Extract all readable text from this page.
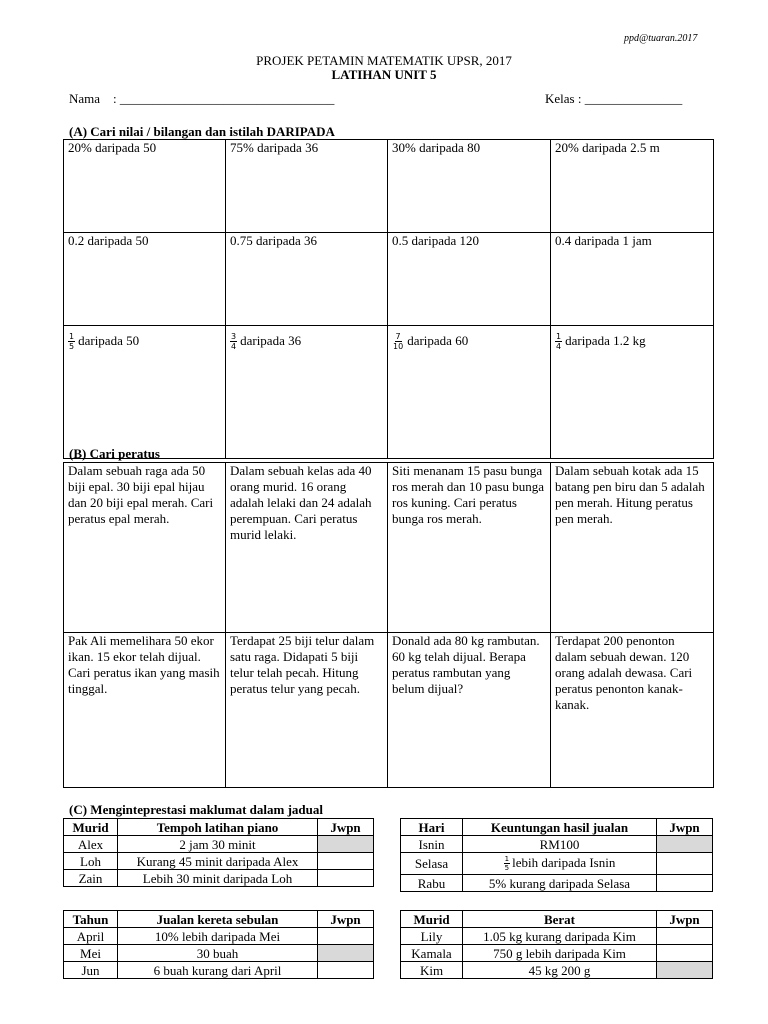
ppd@tuaran.2017
PROJEK PETAMIN MATEMATIK UPSR, 2017
LATIHAN UNIT 5
Nama    : _________________________________	Kelas : _______________
(A) Cari nilai / bilangan dan istilah DARIPADA
20% daripada 50	75% daripada 36	30% daripada 80	20% daripada 2.5 m
0.2 daripada 50	0.75 daripada 36	0.5 daripada 120	0.4 daripada 1 jam

$\frac{1}{5}$ daripada 50	$\frac{3}{4}$ daripada 36	$\frac{7}{10}$ daripada 60	$\frac{1}{4}$ daripada 1.2 kg
(B) Cari peratus
Dalam sebuah raga ada 50 biji epal. 30 biji epal hijau dan 20 biji epal merah. Cari peratus epal merah.	Dalam sebuah kelas ada 40 orang murid. 16 orang adalah lelaki dan 24 adalah perempuan. Cari peratus murid lelaki.	Siti menanam 15 pasu bunga ros merah dan 10 pasu bunga ros kuning. Cari peratus bunga ros merah.	Dalam sebuah kotak ada 15 batang pen biru dan 5 adalah pen merah. Hitung peratus pen merah.
Pak Ali memelihara 50 ekor ikan. 15 ekor telah dijual. Cari peratus ikan yang masih tinggal.	Terdapat 25 biji telur dalam satu raga. Didapati 5 biji telur telah pecah. Hitung peratus telur yang pecah.	Donald ada 80 kg rambutan. 60 kg telah dijual. Berapa peratus rambutan yang belum dijual?	Terdapat 200 penonton dalam sebuah dewan. 120 orang adalah dewasa. Cari peratus penonton kanak-kanak.
(C) Menginteprestasi maklumat dalam jadual
Murid	Tempoh latihan piano	Jwpn
Alex	2 jam 30 minit	
Loh	Kurang 45 minit daripada Alex	
Zain	Lebih 30 minit daripada Loh	
Hari	Keuntungan hasil jualan	Jwpn
Isnin	RM100	
Selasa	$\frac{1}{5}$ lebih daripada Isnin	
Rabu	5% kurang daripada Selasa	
Tahun	Jualan kereta sebulan	Jwpn
April	10% lebih daripada Mei	
Mei	30 buah	
Jun	6 buah kurang dari April	
Murid	Berat	Jwpn
Lily	1.05 kg kurang daripada Kim	
Kamala	750 g lebih daripada Kim	
Kim	45 kg 200 g	
